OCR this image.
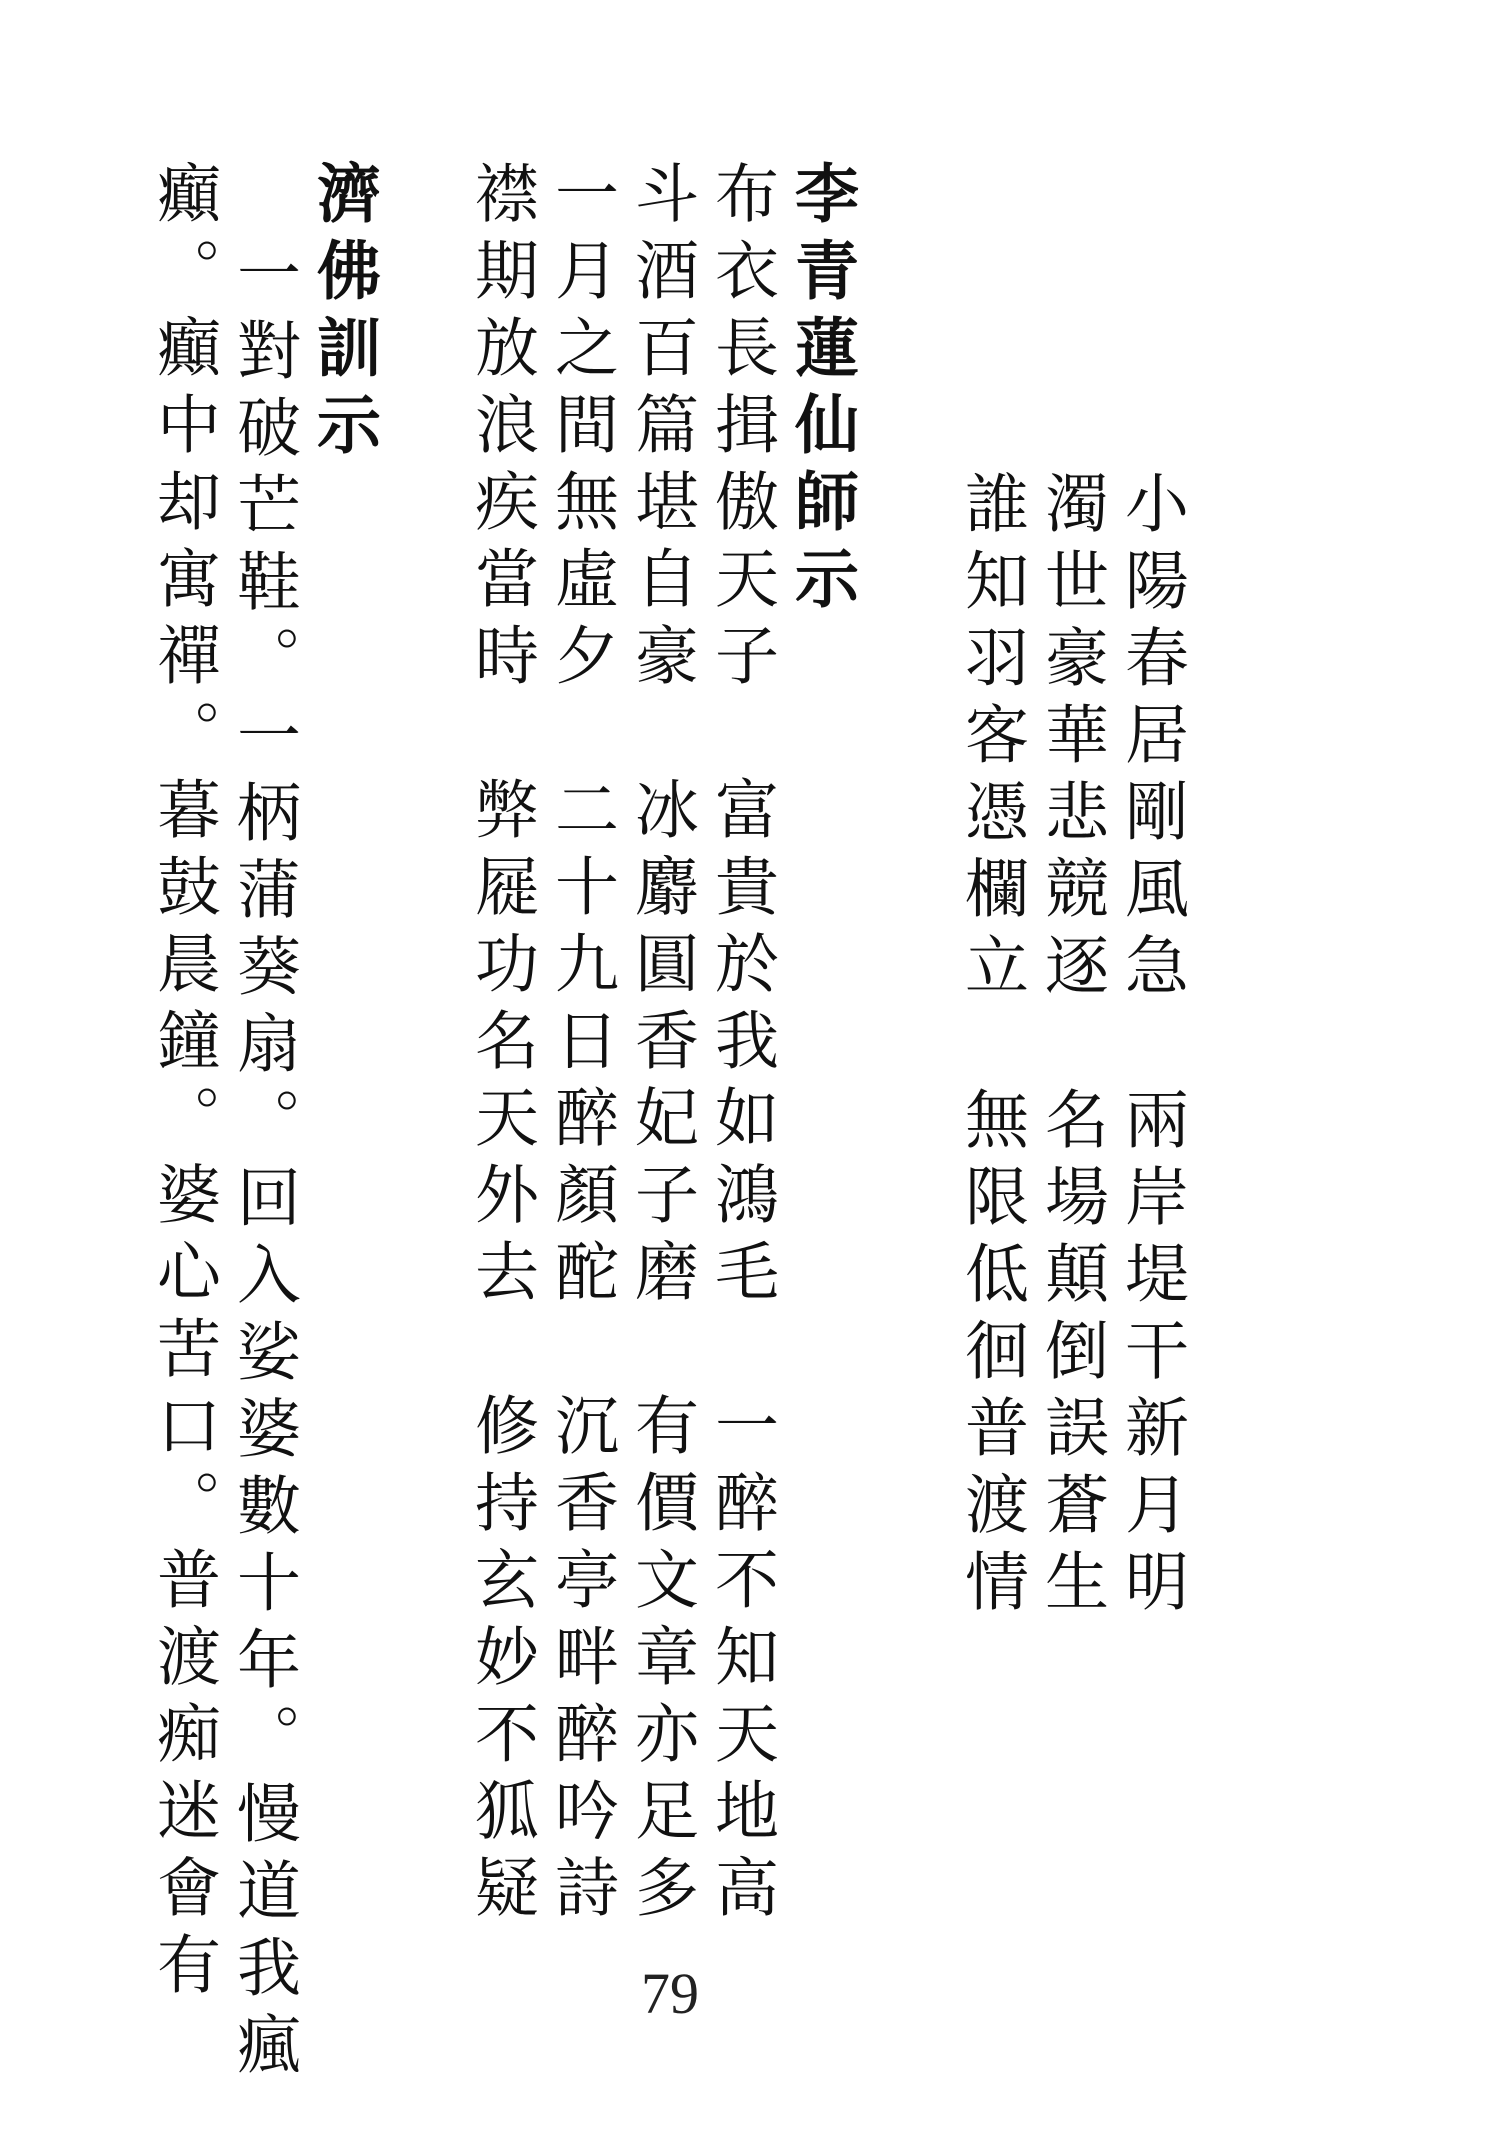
李青蓮仙師示

布衣長揖傲天子　富貴於我如鴻毛　一醉不知天地高

斗酒百篇堪自豪　冰麝圓香妃子磨　有價文章亦足多

一月之間無虛夕　二十九日醉顏酡　沉香亭畔醉吟詩

襟期放浪疾當時　弊屣功名天外去　修持玄妙不狐疑	小陽春居剛風急　兩岸堤干新月明

濁世豪華悲競逐　名場顛倒誤蒼生

誰知羽客憑欄立　無限低徊普渡情

濟佛訓示

一對破芒鞋。一柄蒲葵扇。回入娑婆數十年。慢道我瘋

癲。癲中却寓禪。暮鼓晨鐘。婆心苦口。普渡痴迷會有	79
